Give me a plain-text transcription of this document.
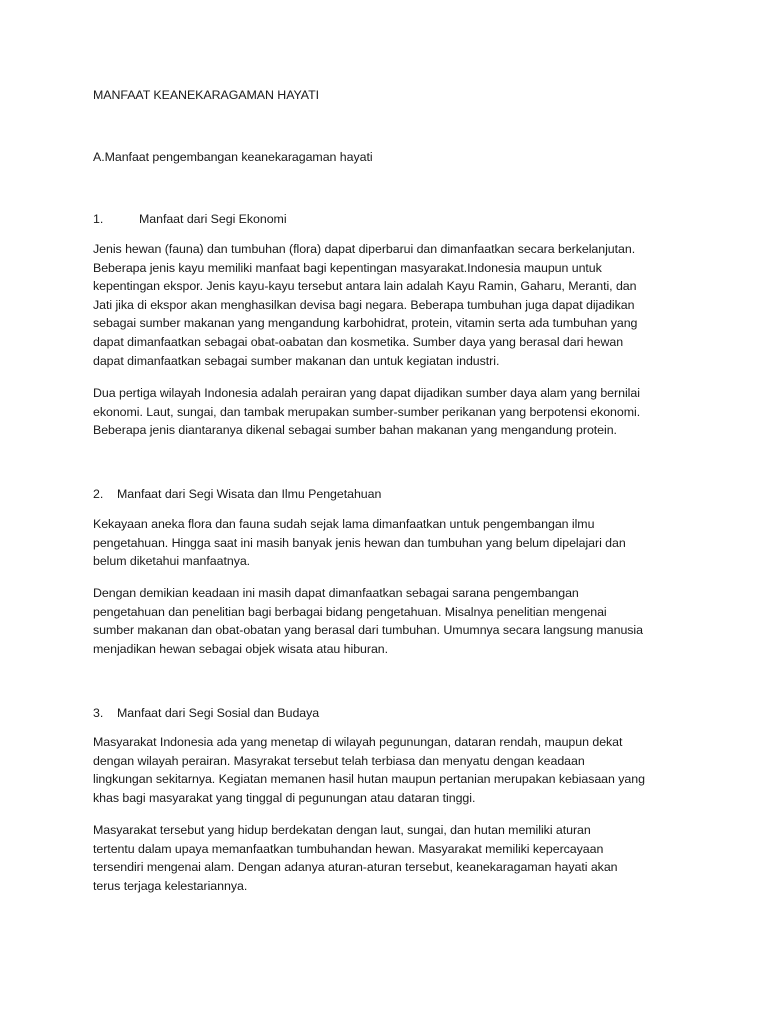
MANFAAT KEANEKARAGAMAN HAYATI
A.Manfaat pengembangan keanekaragaman hayati
1.	Manfaat dari Segi Ekonomi
Jenis hewan (fauna) dan tumbuhan (flora) dapat diperbarui dan dimanfaatkan secara berkelanjutan.
Beberapa jenis kayu memiliki manfaat bagi kepentingan masyarakat.Indonesia maupun untuk
kepentingan ekspor. Jenis kayu-kayu tersebut antara lain adalah Kayu Ramin, Gaharu, Meranti, dan
Jati jika di ekspor akan menghasilkan devisa bagi negara. Beberapa tumbuhan juga dapat dijadikan
sebagai sumber makanan yang mengandung karbohidrat, protein, vitamin serta ada tumbuhan yang
dapat dimanfaatkan sebagai obat-oabatan dan kosmetika. Sumber daya yang berasal dari hewan
dapat dimanfaatkan sebagai sumber makanan dan untuk kegiatan industri.
Dua pertiga wilayah Indonesia adalah perairan yang dapat dijadikan sumber daya alam yang bernilai
ekonomi. Laut, sungai, dan tambak merupakan sumber-sumber perikanan yang berpotensi ekonomi.
Beberapa jenis diantaranya dikenal sebagai sumber bahan makanan yang mengandung protein.
2. Manfaat dari Segi Wisata dan Ilmu Pengetahuan
Kekayaan aneka flora dan fauna sudah sejak lama dimanfaatkan untuk pengembangan ilmu
pengetahuan. Hingga saat ini masih banyak jenis hewan dan tumbuhan yang belum dipelajari dan
belum diketahui manfaatnya.
Dengan demikian keadaan ini masih dapat dimanfaatkan sebagai sarana pengembangan
pengetahuan dan penelitian bagi berbagai bidang pengetahuan. Misalnya penelitian mengenai
sumber makanan dan obat-obatan yang berasal dari tumbuhan. Umumnya secara langsung manusia
menjadikan hewan sebagai objek wisata atau hiburan.
3. Manfaat dari Segi Sosial dan Budaya
Masyarakat Indonesia ada yang menetap di wilayah pegunungan, dataran rendah, maupun dekat
dengan wilayah perairan. Masyrakat tersebut telah terbiasa dan menyatu dengan keadaan
lingkungan sekitarnya. Kegiatan memanen hasil hutan maupun pertanian merupakan kebiasaan yang
khas bagi masyarakat yang tinggal di pegunungan atau dataran tinggi.
Masyarakat tersebut yang hidup berdekatan dengan laut, sungai, dan hutan memiliki aturan
tertentu dalam upaya memanfaatkan tumbuhandan hewan. Masyarakat memiliki kepercayaan
tersendiri mengenai alam. Dengan adanya aturan-aturan tersebut, keanekaragaman hayati akan
terus terjaga kelestariannya.
